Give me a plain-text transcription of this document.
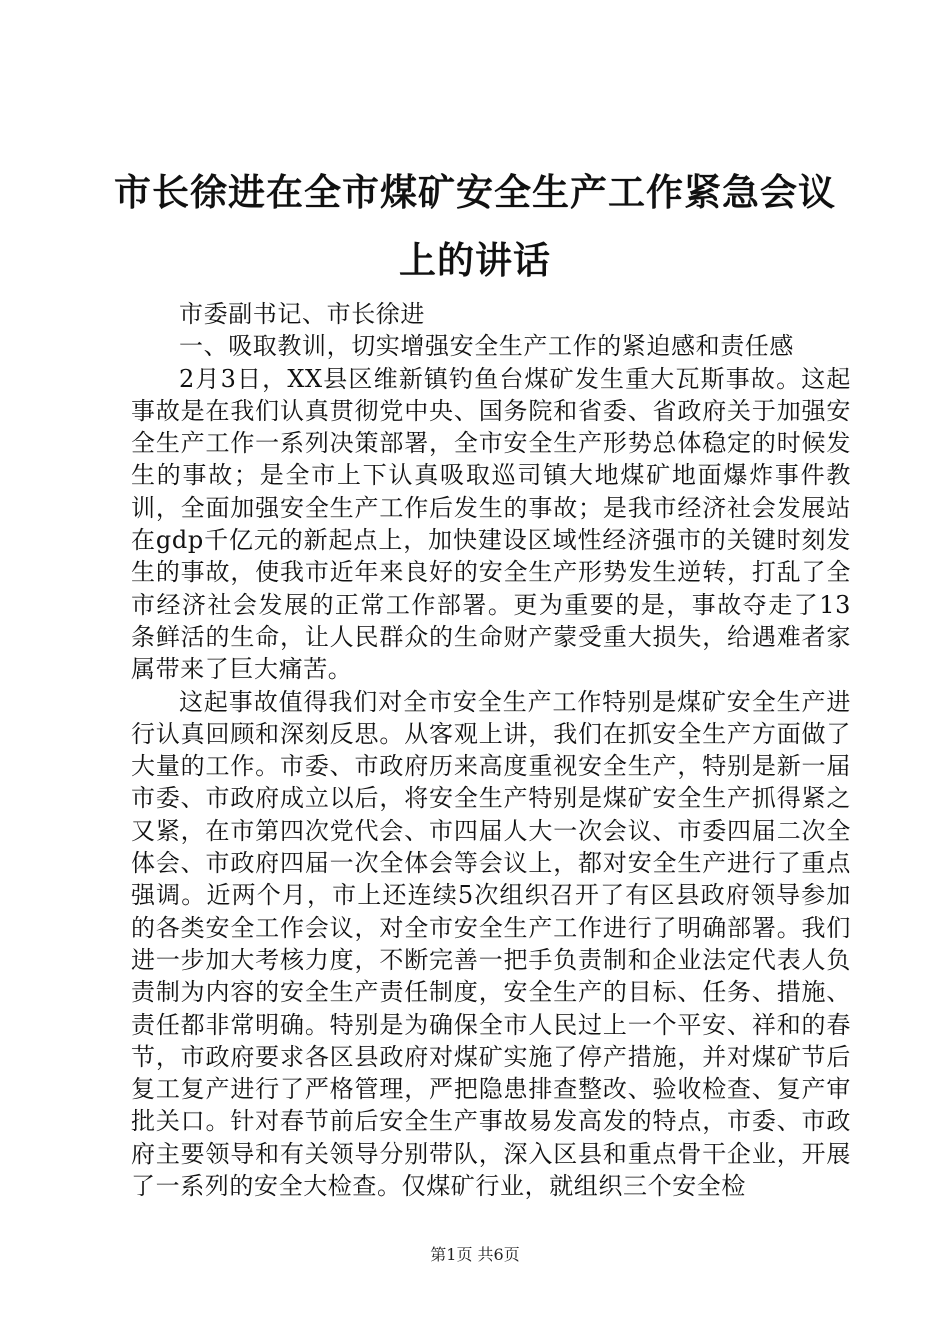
市长徐进在全市煤矿安全生产工作紧急会议上的讲话

市委副书记、市长徐进

一、吸取教训，切实增强安全生产工作的紧迫感和责任感

2月3日，XX县区维新镇钓鱼台煤矿发生重大瓦斯事故。这起事故是在我们认真贯彻党中央、国务院和省委、省政府关于加强安全生产工作一系列决策部署，全市安全生产形势总体稳定的时候发生的事故；是全市上下认真吸取巡司镇大地煤矿地面爆炸事件教训，全面加强安全生产工作后发生的事故；是我市经济社会发展站在gdp千亿元的新起点上，加快建设区域性经济强市的关键时刻发生的事故，使我市近年来良好的安全生产形势发生逆转，打乱了全市经济社会发展的正常工作部署。更为重要的是，事故夺走了13条鲜活的生命，让人民群众的生命财产蒙受重大损失，给遇难者家属带来了巨大痛苦。

这起事故值得我们对全市安全生产工作特别是煤矿安全生产进行认真回顾和深刻反思。从客观上讲，我们在抓安全生产方面做了大量的工作。市委、市政府历来高度重视安全生产，特别是新一届市委、市政府成立以后，将安全生产特别是煤矿安全生产抓得紧之又紧，在市第四次党代会、市四届人大一次会议、市委四届二次全体会、市政府四届一次全体会等会议上，都对安全生产进行了重点强调。近两个月，市上还连续5次组织召开了有区县政府领导参加的各类安全工作会议，对全市安全生产工作进行了明确部署。我们进一步加大考核力度，不断完善一把手负责制和企业法定代表人负责制为内容的安全生产责任制度，安全生产的目标、任务、措施、责任都非常明确。特别是为确保全市人民过上一个平安、祥和的春节，市政府要求各区县政府对煤矿实施了停产措施，并对煤矿节后复工复产进行了严格管理，严把隐患排查整改、验收检查、复产审批关口。针对春节前后安全生产事故易发高发的特点，市委、市政府主要领导和有关领导分别带队，深入区县和重点骨干企业，开展了一系列的安全大检查。仅煤矿行业，就组织三个安全检

第1页 共6页
